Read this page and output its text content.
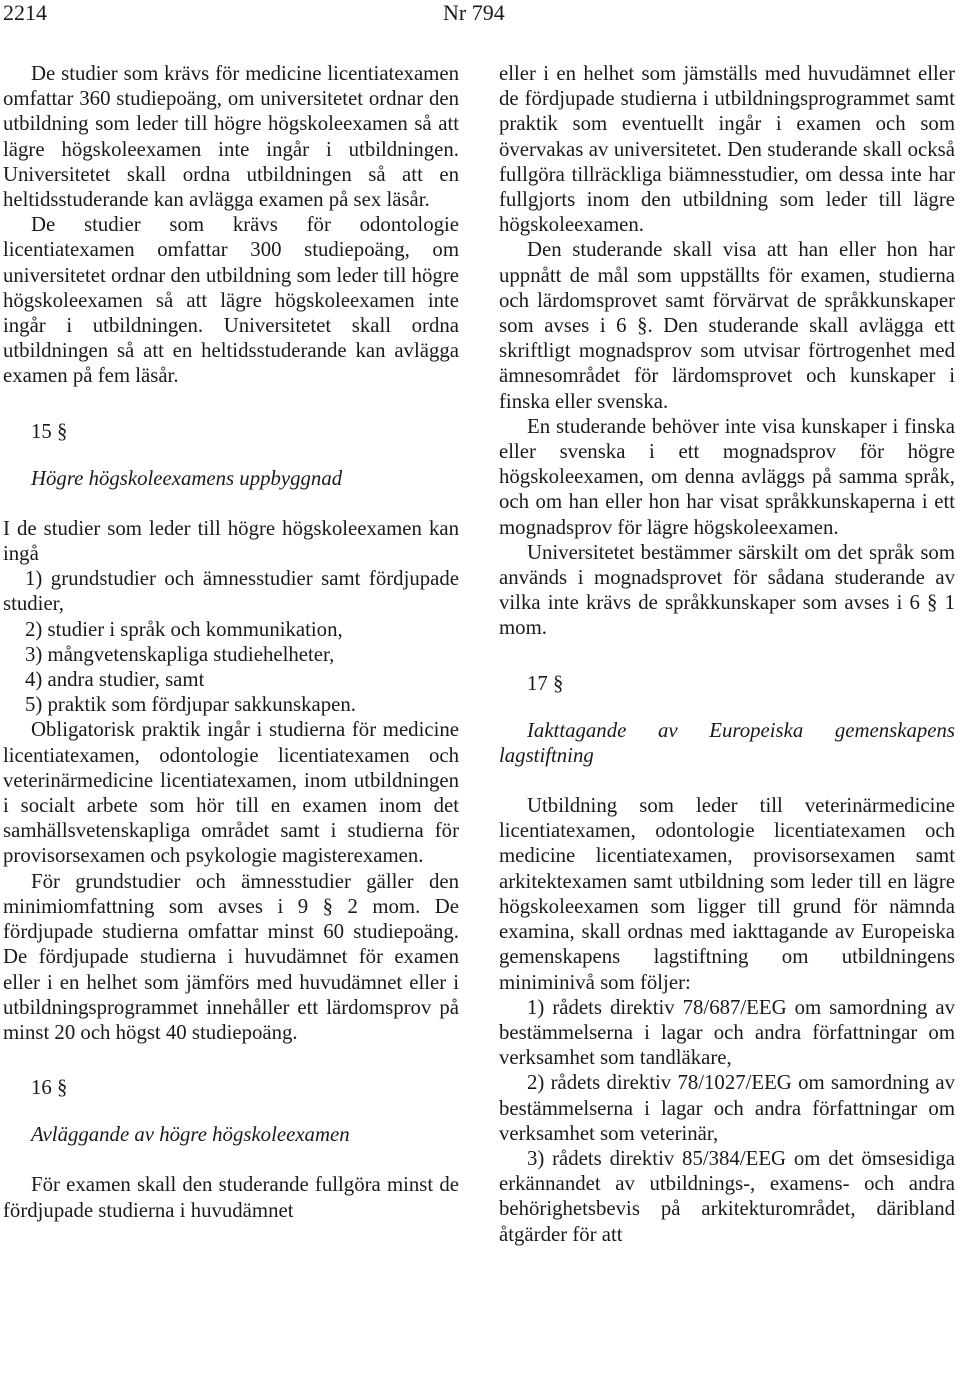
2214	Nr 794

De studier som krävs för medicine licentiatexamen omfattar 360 studiepoäng, om universitetet ordnar den utbildning som leder till högre högskoleexamen så att lägre högskoleexamen inte ingår i utbildningen. Universitetet skall ordna utbildningen så att en heltidsstuderande kan avlägga examen på sex läsår.

De studier som krävs för odontologie licentiatexamen omfattar 300 studiepoäng, om universitetet ordnar den utbildning som leder till högre högskoleexamen så att lägre högskoleexamen inte ingår i utbildningen. Universitetet skall ordna utbildningen så att en heltidsstuderande kan avlägga examen på fem läsår.

15 §

Högre högskoleexamens uppbyggnad

I de studier som leder till högre högskoleexamen kan ingå

1) grundstudier och ämnesstudier samt fördjupade studier,

2) studier i språk och kommunikation,

3) mångvetenskapliga studiehelheter,

4) andra studier, samt

5) praktik som fördjupar sakkunskapen.

Obligatorisk praktik ingår i studierna för medicine licentiatexamen, odontologie licentiatexamen och veterinärmedicine licentiatexamen, inom utbildningen i socialt arbete som hör till en examen inom det samhällsvetenskapliga området samt i studierna för provisorsexamen och psykologie magisterexamen.

För grundstudier och ämnesstudier gäller den minimiomfattning som avses i 9 § 2 mom. De fördjupade studierna omfattar minst 60 studiepoäng. De fördjupade studierna i huvudämnet för examen eller i en helhet som jämförs med huvudämnet eller i utbildningsprogrammet innehåller ett lärdomsprov på minst 20 och högst 40 studiepoäng.

16 §

Avläggande av högre högskoleexamen

För examen skall den studerande fullgöra minst de fördjupade studierna i huvudämnet

eller i en helhet som jämställs med huvudämnet eller de fördjupade studierna i utbildningsprogrammet samt praktik som eventuellt ingår i examen och som övervakas av universitetet. Den studerande skall också fullgöra tillräckliga biämnesstudier, om dessa inte har fullgjorts inom den utbildning som leder till lägre högskoleexamen.

Den studerande skall visa att han eller hon har uppnått de mål som uppställts för examen, studierna och lärdomsprovet samt förvärvat de språkkunskaper som avses i 6 §. Den studerande skall avlägga ett skriftligt mognadsprov som utvisar förtrogenhet med ämnesområdet för lärdomsprovet och kunskaper i finska eller svenska.

En studerande behöver inte visa kunskaper i finska eller svenska i ett mognadsprov för högre högskoleexamen, om denna avläggs på samma språk, och om han eller hon har visat språkkunskaperna i ett mognadsprov för lägre högskoleexamen.

Universitetet bestämmer särskilt om det språk som används i mognadsprovet för sådana studerande av vilka inte krävs de språkkunskaper som avses i 6 § 1 mom.

17 §

Iakttagande av Europeiska gemenskapens lagstiftning

Utbildning som leder till veterinärmedicine licentiatexamen, odontologie licentiatexamen och medicine licentiatexamen, provisorsexamen samt arkitektexamen samt utbildning som leder till en lägre högskoleexamen som ligger till grund för nämnda examina, skall ordnas med iakttagande av Europeiska gemenskapens lagstiftning om utbildningens miniminivå som följer:

1) rådets direktiv 78/687/EEG om samordning av bestämmelserna i lagar och andra författningar om verksamhet som tandläkare,

2) rådets direktiv 78/1027/EEG om samordning av bestämmelserna i lagar och andra författningar om verksamhet som veterinär,

3) rådets direktiv 85/384/EEG om det ömsesidiga erkännandet av utbildnings-, examens- och andra behörighetsbevis på arkitekturområdet, däribland åtgärder för att
